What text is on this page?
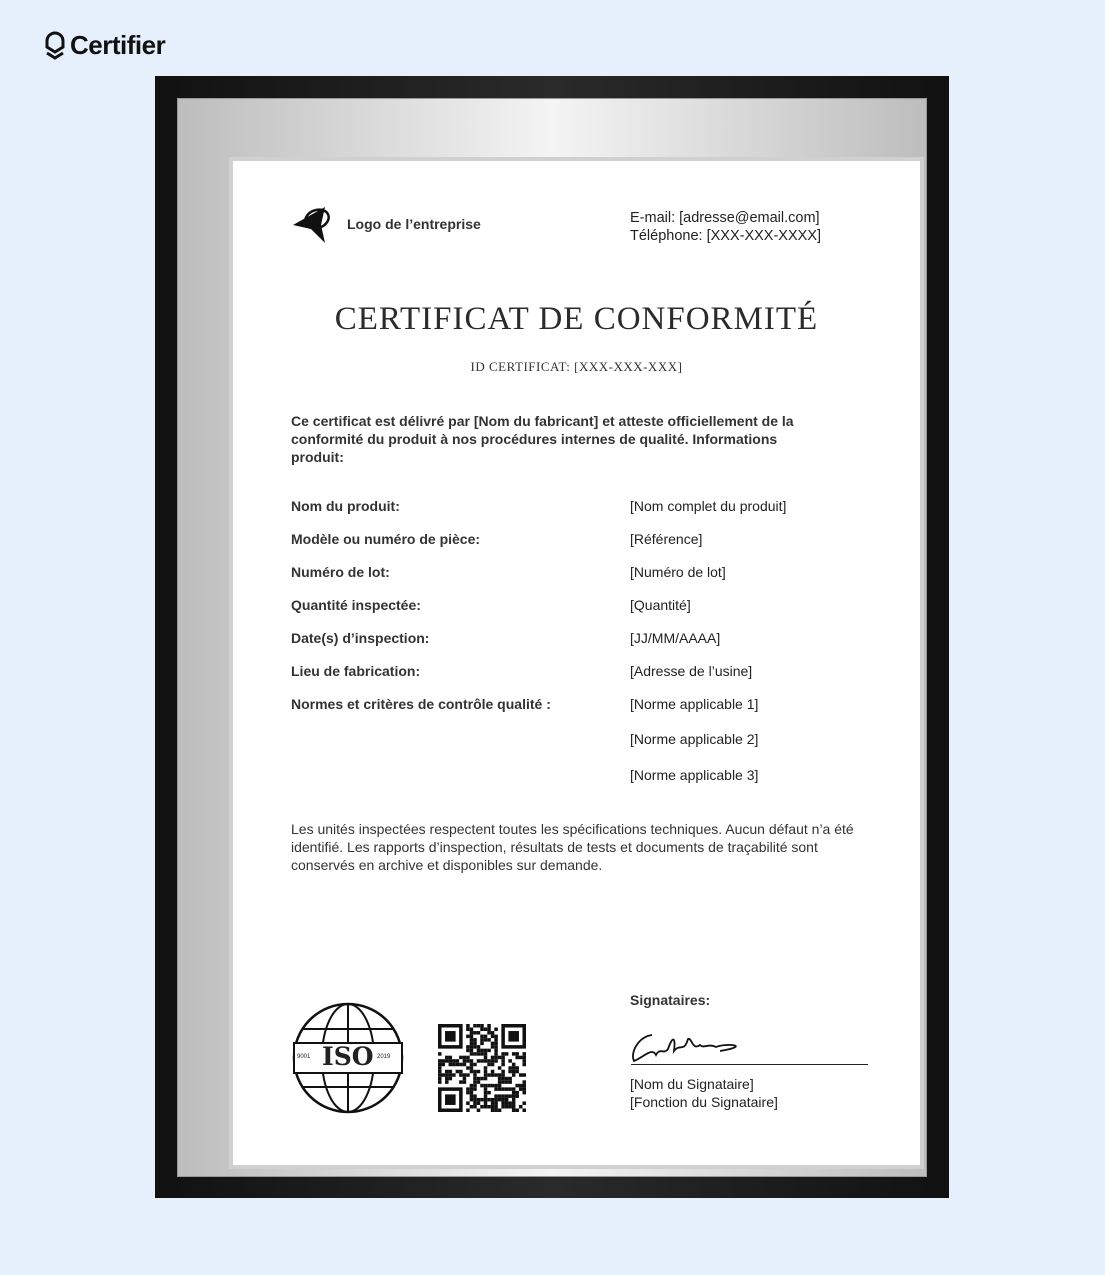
Certifier
Logo de l’entreprise	E-mail: [adresse@email.com]
Téléphone: [XXX-XXX-XXXX]
CERTIFICAT DE CONFORMITÉ
ID CERTIFICAT: [XXX-XXX-XXX]
Ce certificat est délivré par [Nom du fabricant] et atteste officiellement de la conformité du produit à nos procédures internes de qualité. Informations produit:
Nom du produit:	[Nom complet du produit]
Modèle ou numéro de pièce:	[Référence]
Numéro de lot:	[Numéro de lot]
Quantité inspectée:	[Quantité]
Date(s) d’inspection:	[JJ/MM/AAAA]
Lieu de fabrication:	[Adresse de l’usine]
Normes et critères de contrôle qualité :	[Norme applicable 1]
[Norme applicable 2]
[Norme applicable 3]
Les unités inspectées respectent toutes les spécifications techniques. Aucun défaut n’a été identifié. Les rapports d’inspection, résultats de tests et documents de traçabilité sont conservés en archive et disponibles sur demande.
ISO
9001	2019
Signataires:
[Nom du Signataire]
[Fonction du Signataire]
